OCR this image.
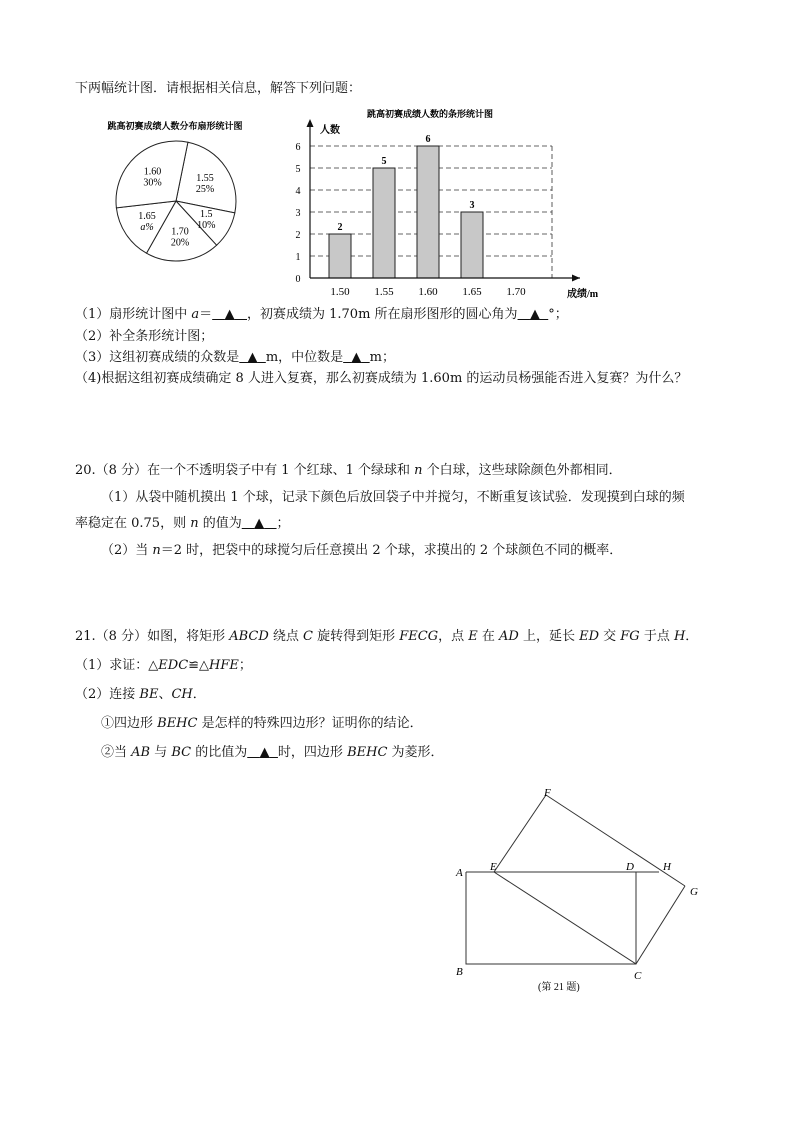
下两幅统计图．请根据相关信息，解答下列问题：
跳高初赛成绩人数分布扇形统计图
1.55
25%
1.5
10%
1.70
20%
1.65
a%
1.60
30%
跳高初赛成绩人数的条形统计图
人数
成绩/m
0
1
2
3
4
5
6
1.50 1.55 1.60 1.65 1.70
2
5
6
3
（1）扇形统计图中 a＝ ▲ ，初赛成绩为 1.70m 所在扇形图形的圆心角为 ▲ °；
（2）补全条形统计图；
（3）这组初赛成绩的众数是 ▲ m，中位数是 ▲ m；
（4)根据这组初赛成绩确定 8 人进入复赛，那么初赛成绩为 1.60m 的运动员杨强能否进入复赛？为什么？
20.（8 分）在一个不透明袋子中有 1 个红球、1 个绿球和 n 个白球，这些球除颜色外都相同．
（1）从袋中随机摸出 1 个球，记录下颜色后放回袋子中并搅匀，不断重复该试验．发现摸到白球的频
率稳定在 0.75，则 n 的值为 ▲ ；
（2）当 n＝2 时，把袋中的球搅匀后任意摸出 2 个球，求摸出的 2 个球颜色不同的概率．
21.（8 分）如图，将矩形 ABCD 绕点 C 旋转得到矩形 FECG，点 E 在 AD 上，延长 ED 交 FG 于点 H．
（1）求证：△EDC≌△HFE；
（2）连接 BE、CH．
①四边形 BEHC 是怎样的特殊四边形？证明你的结论．
②当 AB 与 BC 的比值为 ▲ 时，四边形 BEHC 为菱形．
A
B	C
D
E
F
G
H
(第 21 题)
